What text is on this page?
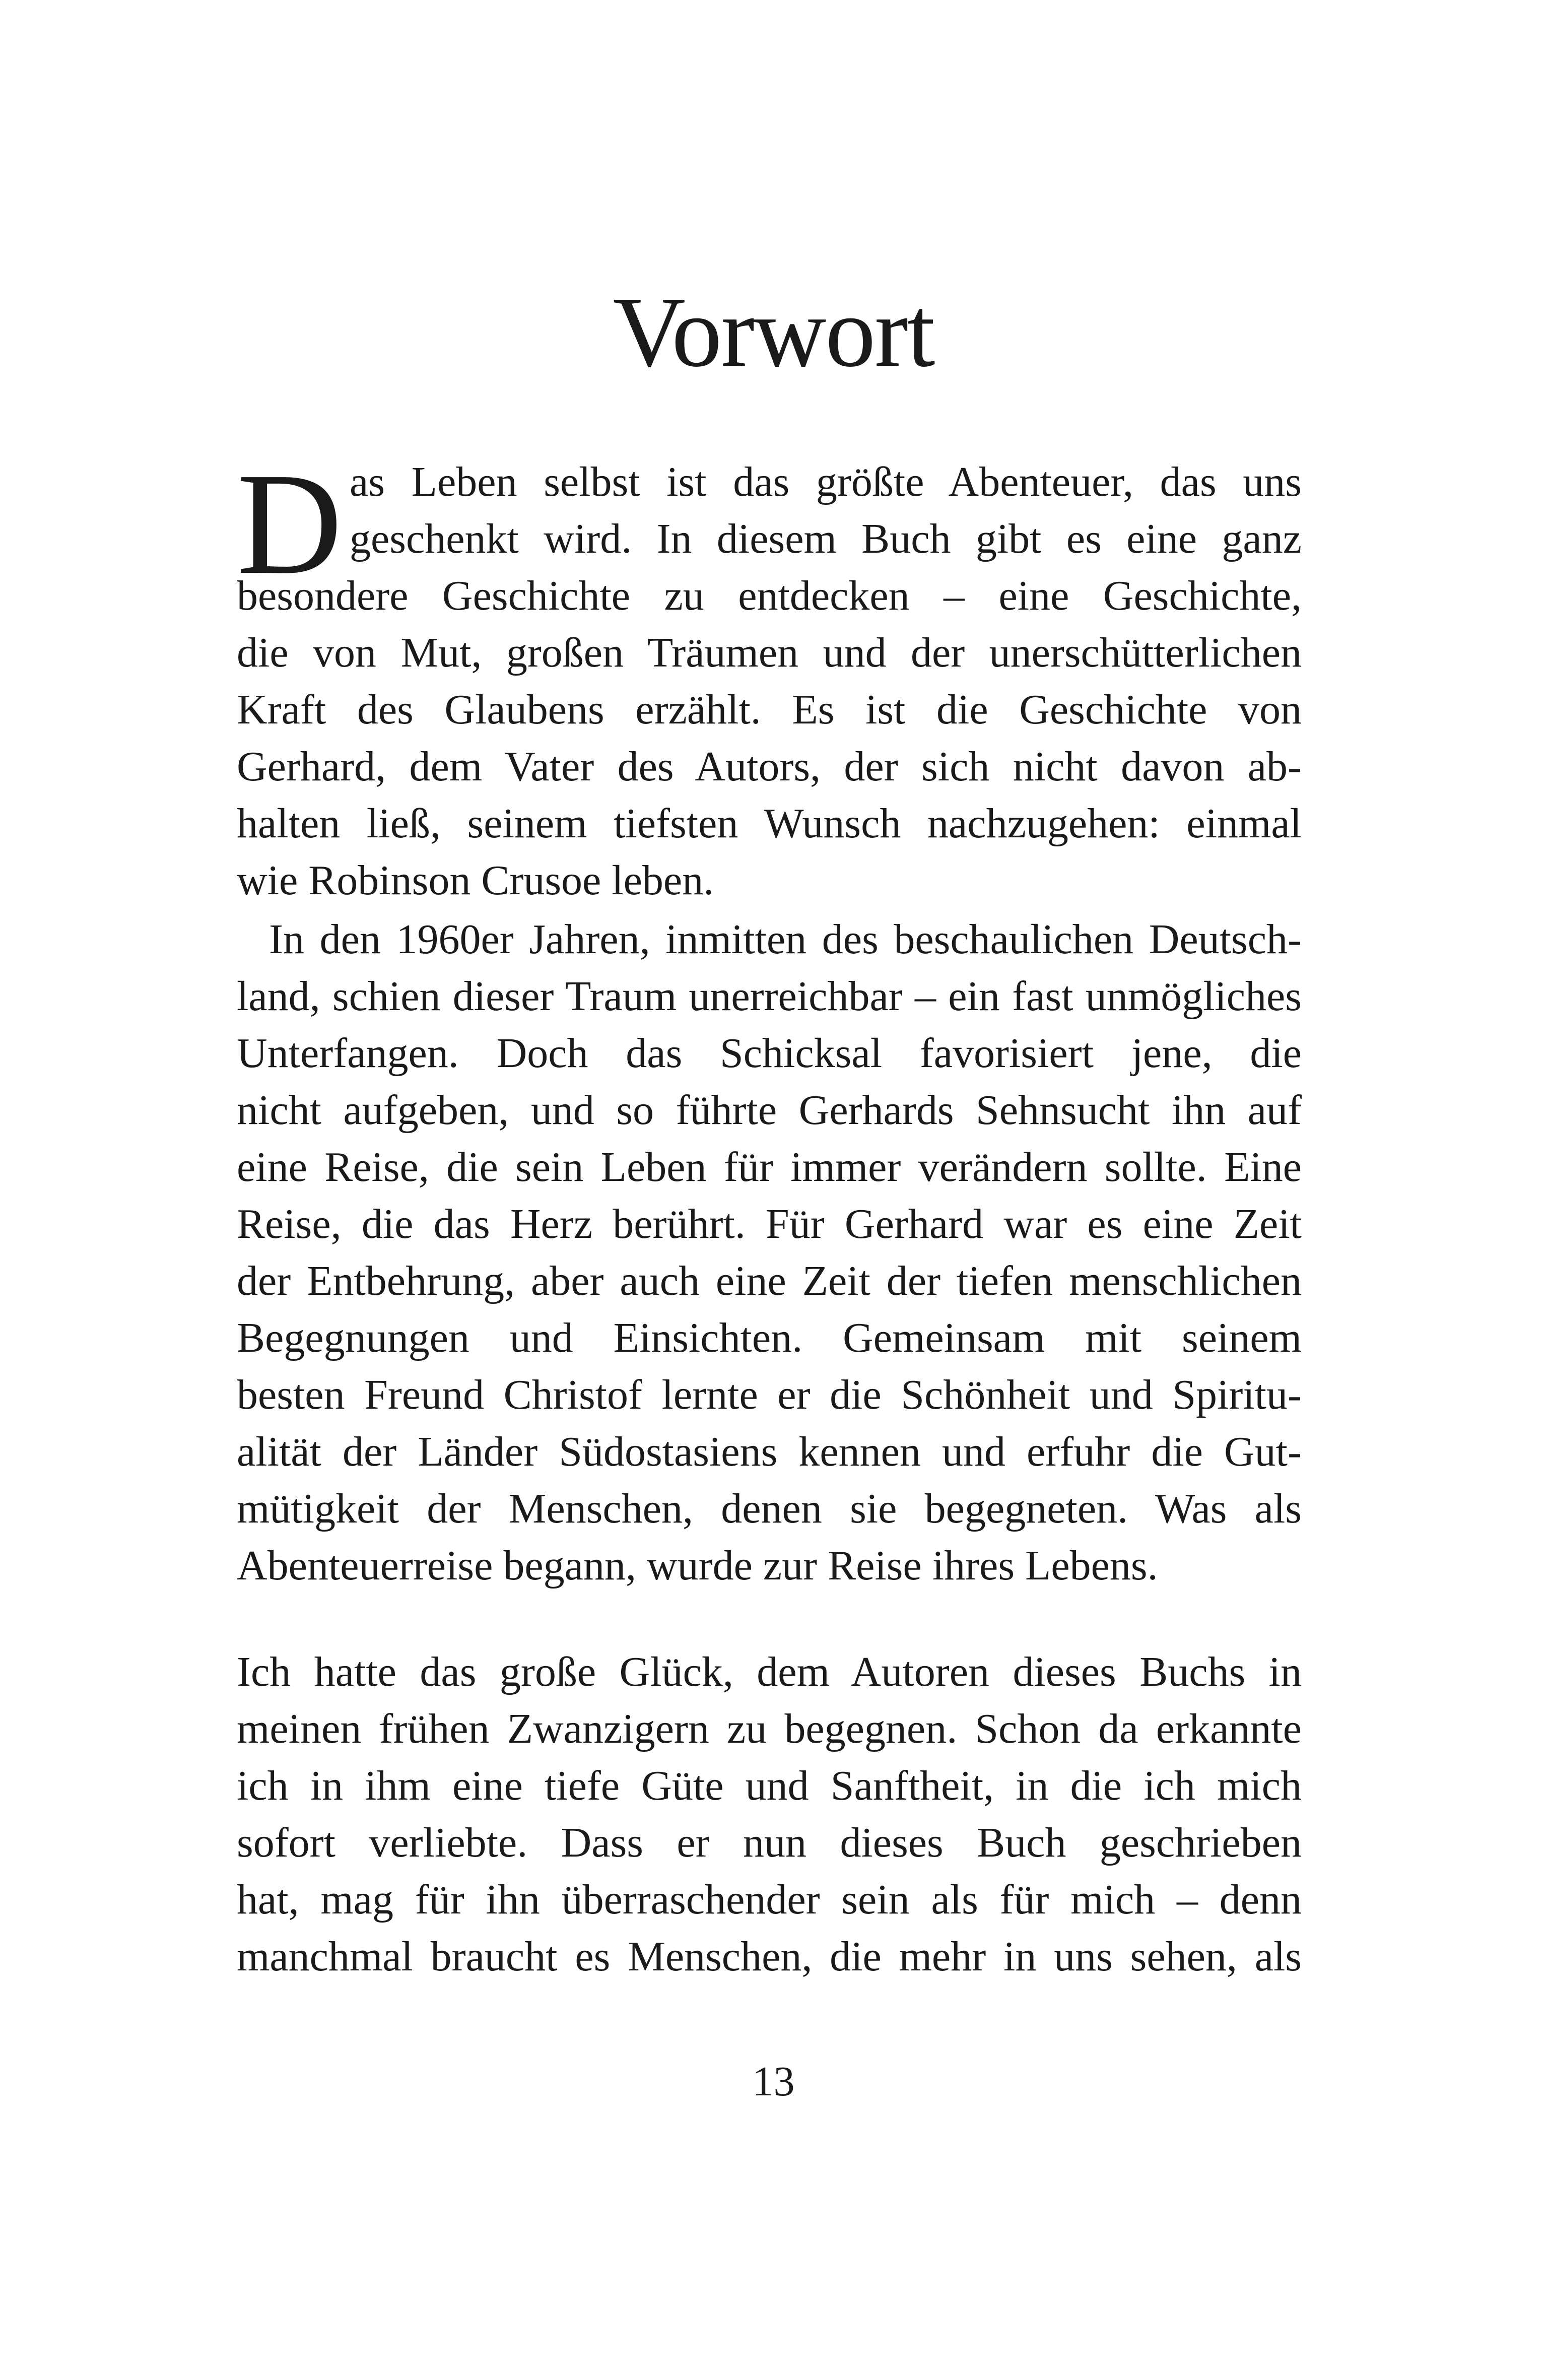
Vorwort
D as Leben selbst ist das größte Abenteuer, das uns
geschenkt wird. In diesem Buch gibt es eine ganz
besondere Geschichte zu entdecken – eine Geschichte,
die von Mut, großen Träumen und der unerschütterlichen
Kraft des Glaubens erzählt. Es ist die Geschichte von
Gerhard, dem Vater des Autors, der sich nicht davon ab-
halten ließ, seinem tiefsten Wunsch nachzugehen: einmal
wie Robinson Crusoe leben.
In den 1960er Jahren, inmitten des beschaulichen Deutsch-
land, schien dieser Traum unerreichbar – ein fast unmögliches
Unterfangen. Doch das Schicksal favorisiert jene, die
nicht aufgeben, und so führte Gerhards Sehnsucht ihn auf
eine Reise, die sein Leben für immer verändern sollte. Eine
Reise, die das Herz berührt. Für Gerhard war es eine Zeit
der Entbehrung, aber auch eine Zeit der tiefen menschlichen
Begegnungen und Einsichten. Gemeinsam mit seinem
besten Freund Christof lernte er die Schönheit und Spiritu-
alität der Länder Südostasiens kennen und erfuhr die Gut-
mütigkeit der Menschen, denen sie begegneten. Was als
Abenteuerreise begann, wurde zur Reise ihres Lebens.
Ich hatte das große Glück, dem Autoren dieses Buchs in
meinen frühen Zwanzigern zu begegnen. Schon da erkannte
ich in ihm eine tiefe Güte und Sanftheit, in die ich mich
sofort verliebte. Dass er nun dieses Buch geschrieben
hat, mag für ihn überraschender sein als für mich – denn
manchmal braucht es Menschen, die mehr in uns sehen, als
13
